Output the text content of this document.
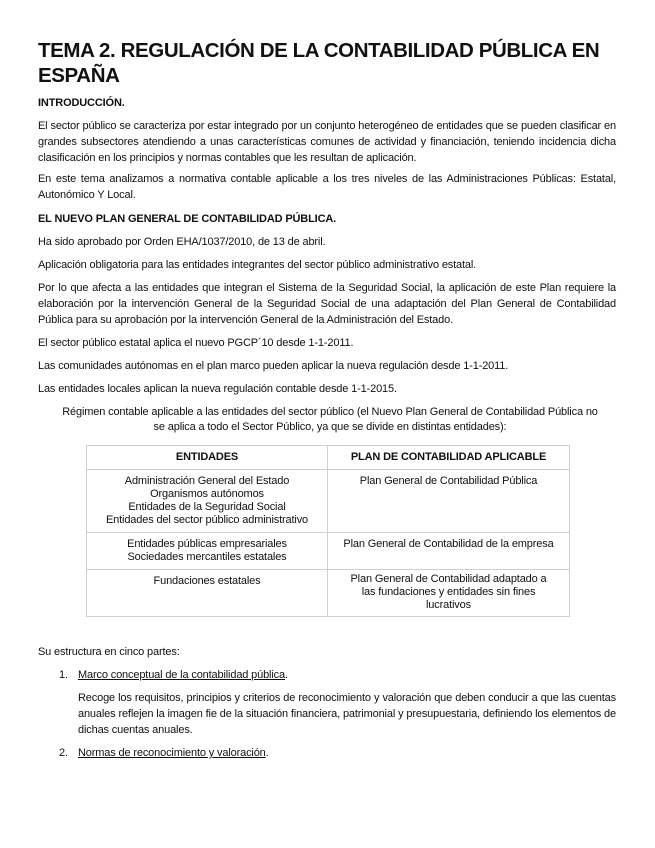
TEMA 2. REGULACIÓN DE LA CONTABILIDAD PÚBLICA EN ESPAÑA
INTRODUCCIÓN.
El sector público se caracteriza por estar integrado por un conjunto heterogéneo de entidades que se pueden clasificar en grandes subsectores atendiendo a unas características comunes de actividad y financiación, teniendo incidencia dicha clasificación en los principios y normas contables que les resultan de aplicación.
En este tema analizamos a normativa contable aplicable a los tres niveles de las Administraciones Públicas: Estatal, Autonómico Y Local.
EL NUEVO PLAN GENERAL DE CONTABILIDAD PÚBLICA.
Ha sido aprobado por Orden EHA/1037/2010, de 13 de abril.
Aplicación obligatoria para las entidades integrantes del sector público administrativo estatal.
Por lo que afecta a las entidades que integran el Sistema de la Seguridad Social, la aplicación de este Plan requiere la elaboración por la intervención General de la Seguridad Social de una adaptación del Plan General de Contabilidad Pública para su aprobación por la intervención General de la Administración del Estado.
El sector público estatal aplica el nuevo PGCP´10 desde 1-1-2011.
Las comunidades autónomas en el plan marco pueden aplicar la nueva regulación desde 1-1-2011.
Las entidades locales aplican la nueva regulación contable desde 1-1-2015.
Régimen contable aplicable a las entidades del sector público (el Nuevo Plan General de Contabilidad Pública no se aplica a todo el Sector Público, ya que se divide en distintas entidades):
ENTIDADES	PLAN DE CONTABILIDAD APLICABLE

Administración General del Estado
Organismos autónomos
Entidades de la Seguridad Social
Entidades del sector público administrativo	Plan General de Contabilidad Pública

Entidades públicas empresariales
Sociedades mercantiles estatales	Plan General de Contabilidad de la empresa

Fundaciones estatales	Plan General de Contabilidad adaptado a las fundaciones y entidades sin fines lucrativos
Su estructura en cinco partes:
1. Marco conceptual de la contabilidad pública.
Recoge los requisitos, principios y criterios de reconocimiento y valoración que deben conducir a que las cuentas anuales reflejen la imagen fie de la situación financiera, patrimonial y presupuestaria, definiendo los elementos de dichas cuentas anuales.
2. Normas de reconocimiento y valoración.
